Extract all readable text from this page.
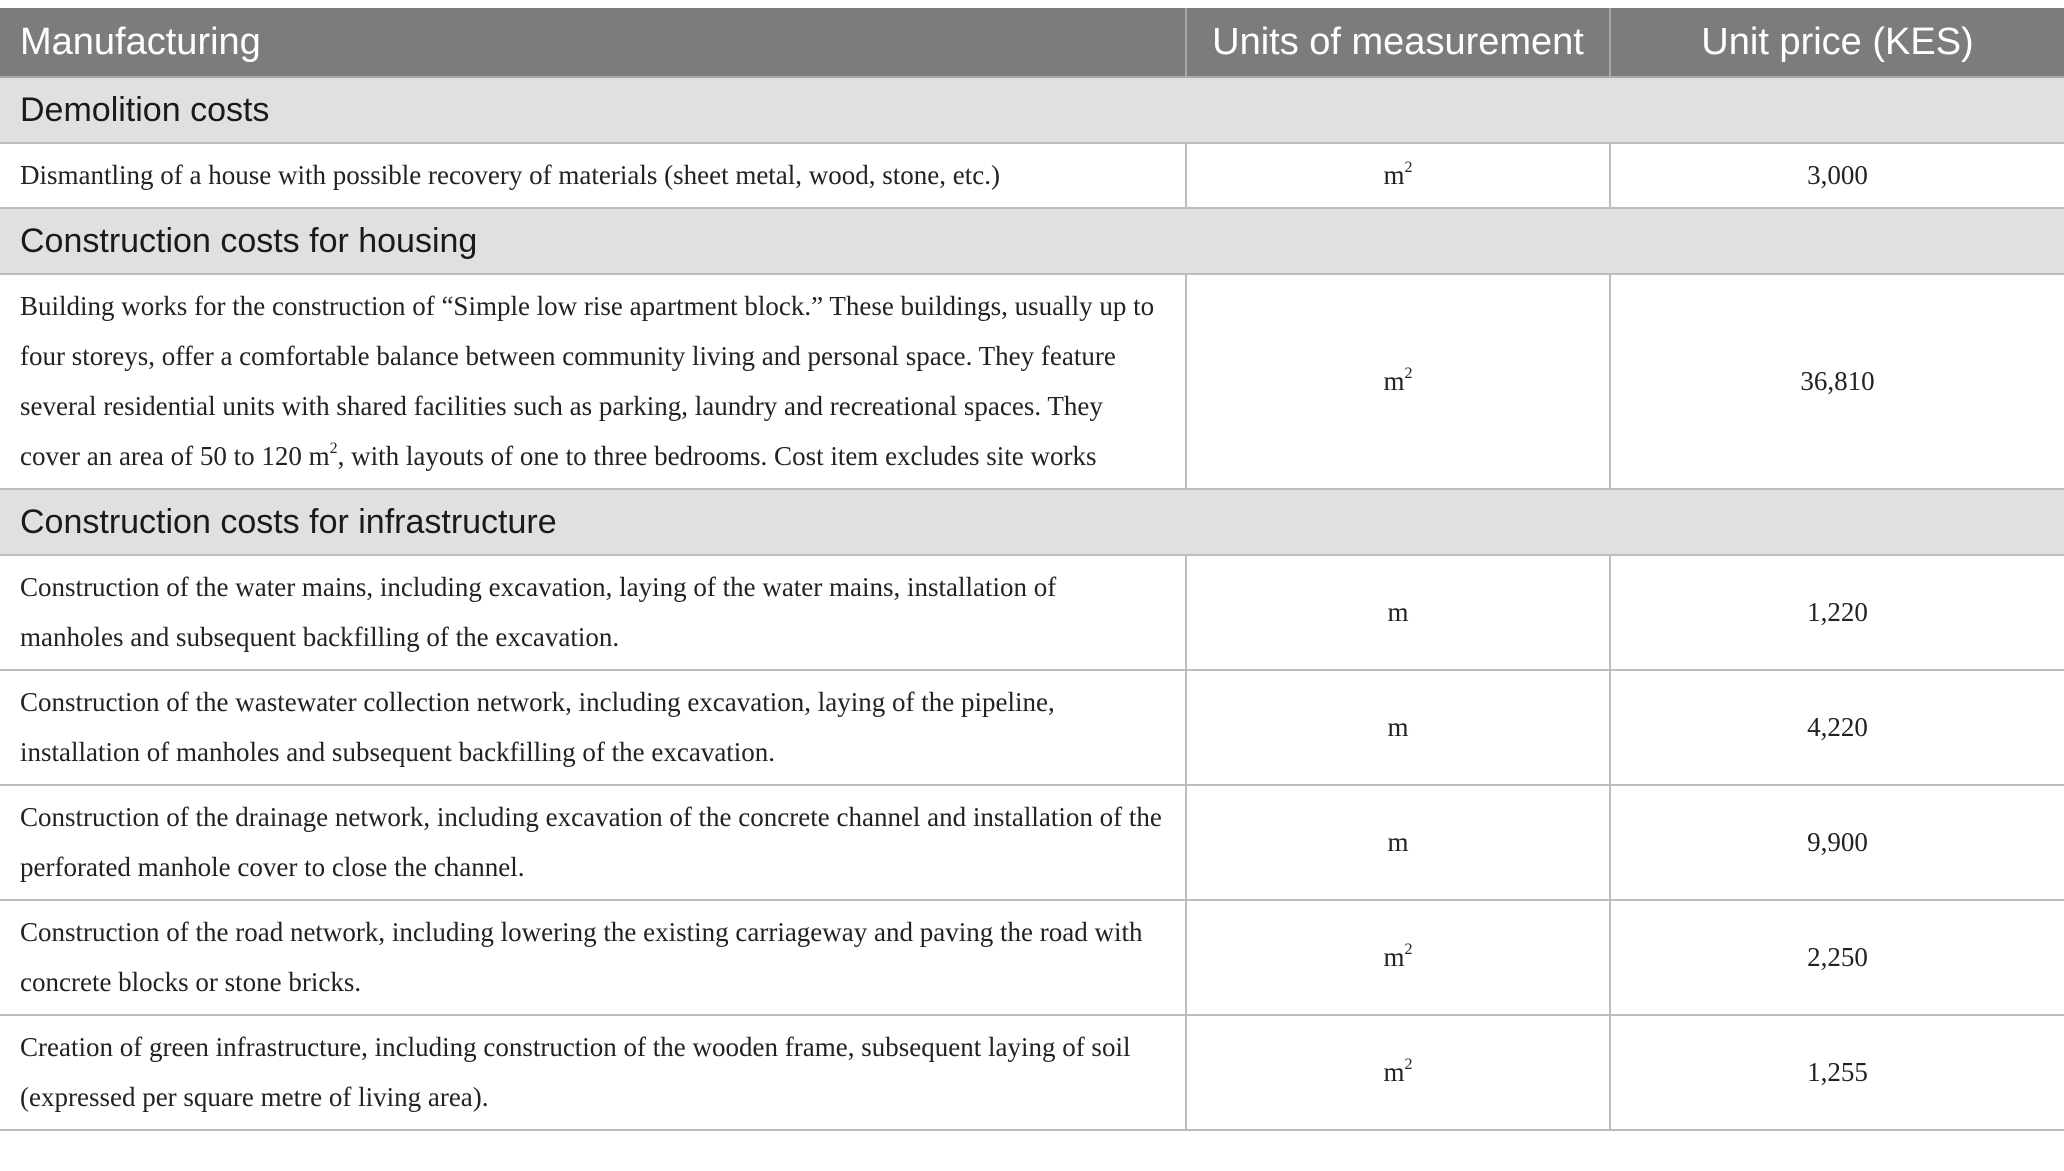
Manufacturing	Units of measurement	Unit price (KES)
Demolition costs		
Dismantling of a house with possible recovery of materials (sheet metal, wood, stone, etc.)	$m^2$	3,000
Construction costs for housing		
Building works for the construction of “Simple low rise apartment block.” These buildings, usually up to four storeys, offer a comfortable balance between community living and personal space. They feature several residential units with shared facilities such as parking, laundry and recreational spaces. They cover an area of 50 to 120 $m^2$, with layouts of one to three bedrooms. Cost item excludes site works	$m^2$	36,810
Construction costs for infrastructure		
Construction of the water mains, including excavation, laying of the water mains, installation of manholes and subsequent backfilling of the excavation.	m	1,220
Construction of the wastewater collection network, including excavation, laying of the pipeline, installation of manholes and subsequent backfilling of the excavation.	m	4,220
Construction of the drainage network, including excavation of the concrete channel and installation of the perforated manhole cover to close the channel.	m	9,900
Construction of the road network, including lowering the existing carriageway and paving the road with concrete blocks or stone bricks.	$m^2$	2,250
Creation of green infrastructure, including construction of the wooden frame, subsequent laying of soil (expressed per square metre of living area).	$m^2$	1,255
